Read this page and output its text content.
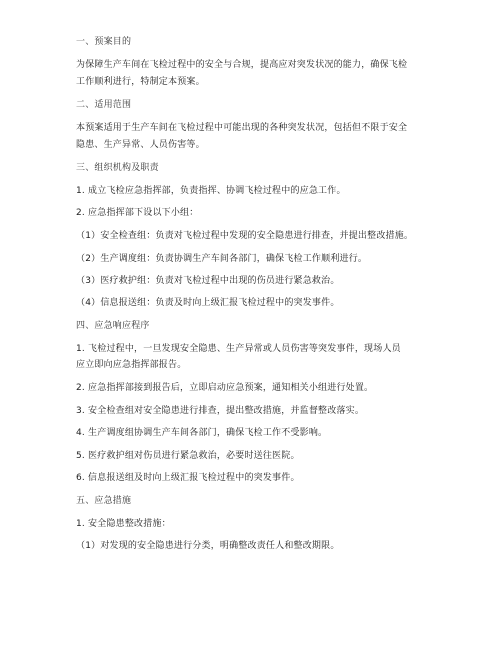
一、预案目的
为保障生产车间在飞检过程中的安全与合规，提高应对突发状况的能力，确保飞检
工作顺利进行，特制定本预案。
二、适用范围
本预案适用于生产车间在飞检过程中可能出现的各种突发状况，包括但不限于安全
隐患、生产异常、人员伤害等。
三、组织机构及职责
1. 成立飞检应急指挥部，负责指挥、协调飞检过程中的应急工作。
2. 应急指挥部下设以下小组：
（1）安全检查组：负责对飞检过程中发现的安全隐患进行排查，并提出整改措施。
（2）生产调度组：负责协调生产车间各部门，确保飞检工作顺利进行。
（3）医疗救护组：负责对飞检过程中出现的伤员进行紧急救治。
（4）信息报送组：负责及时向上级汇报飞检过程中的突发事件。
四、应急响应程序
1. 飞检过程中，一旦发现安全隐患、生产异常或人员伤害等突发事件，现场人员
应立即向应急指挥部报告。
2. 应急指挥部接到报告后，立即启动应急预案，通知相关小组进行处置。
3. 安全检查组对安全隐患进行排查，提出整改措施，并监督整改落实。
4. 生产调度组协调生产车间各部门，确保飞检工作不受影响。
5. 医疗救护组对伤员进行紧急救治，必要时送往医院。
6. 信息报送组及时向上级汇报飞检过程中的突发事件。
五、应急措施
1. 安全隐患整改措施：
（1）对发现的安全隐患进行分类，明确整改责任人和整改期限。
